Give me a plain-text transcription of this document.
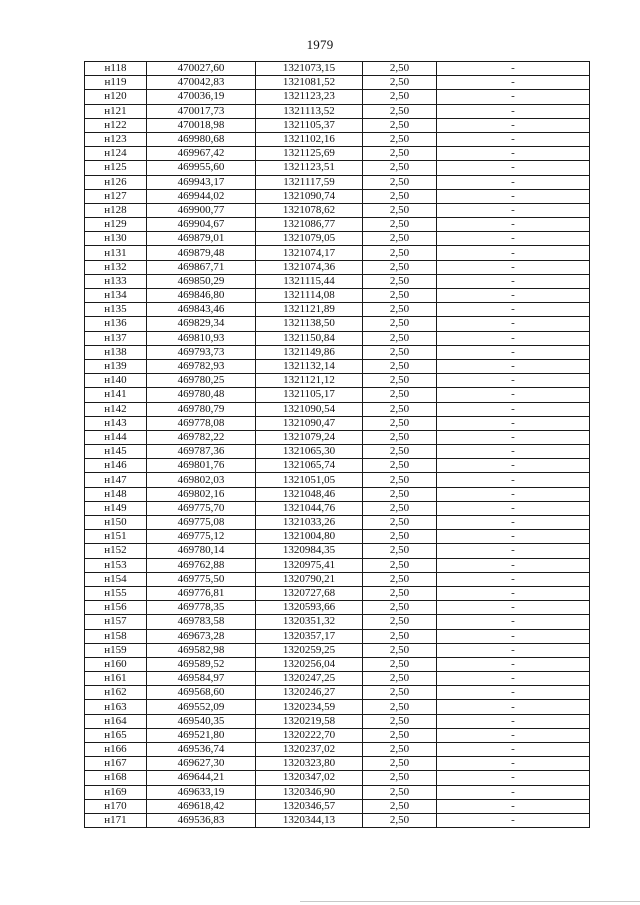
1979
н118	470027,60	1321073,15	2,50	-
н119	470042,83	1321081,52	2,50	-
н120	470036,19	1321123,23	2,50	-
н121	470017,73	1321113,52	2,50	-
н122	470018,98	1321105,37	2,50	-
н123	469980,68	1321102,16	2,50	-
н124	469967,42	1321125,69	2,50	-
н125	469955,60	1321123,51	2,50	-
н126	469943,17	1321117,59	2,50	-
н127	469944,02	1321090,74	2,50	-
н128	469900,77	1321078,62	2,50	-
н129	469904,67	1321086,77	2,50	-
н130	469879,01	1321079,05	2,50	-
н131	469879,48	1321074,17	2,50	-
н132	469867,71	1321074,36	2,50	-
н133	469850,29	1321115,44	2,50	-
н134	469846,80	1321114,08	2,50	-
н135	469843,46	1321121,89	2,50	-
н136	469829,34	1321138,50	2,50	-
н137	469810,93	1321150,84	2,50	-
н138	469793,73	1321149,86	2,50	-
н139	469782,93	1321132,14	2,50	-
н140	469780,25	1321121,12	2,50	-
н141	469780,48	1321105,17	2,50	-
н142	469780,79	1321090,54	2,50	-
н143	469778,08	1321090,47	2,50	-
н144	469782,22	1321079,24	2,50	-
н145	469787,36	1321065,30	2,50	-
н146	469801,76	1321065,74	2,50	-
н147	469802,03	1321051,05	2,50	-
н148	469802,16	1321048,46	2,50	-
н149	469775,70	1321044,76	2,50	-
н150	469775,08	1321033,26	2,50	-
н151	469775,12	1321004,80	2,50	-
н152	469780,14	1320984,35	2,50	-
н153	469762,88	1320975,41	2,50	-
н154	469775,50	1320790,21	2,50	-
н155	469776,81	1320727,68	2,50	-
н156	469778,35	1320593,66	2,50	-
н157	469783,58	1320351,32	2,50	-
н158	469673,28	1320357,17	2,50	-
н159	469582,98	1320259,25	2,50	-
н160	469589,52	1320256,04	2,50	-
н161	469584,97	1320247,25	2,50	-
н162	469568,60	1320246,27	2,50	-
н163	469552,09	1320234,59	2,50	-
н164	469540,35	1320219,58	2,50	-
н165	469521,80	1320222,70	2,50	-
н166	469536,74	1320237,02	2,50	-
н167	469627,30	1320323,80	2,50	-
н168	469644,21	1320347,02	2,50	-
н169	469633,19	1320346,90	2,50	-
н170	469618,42	1320346,57	2,50	-
н171	469536,83	1320344,13	2,50	-
